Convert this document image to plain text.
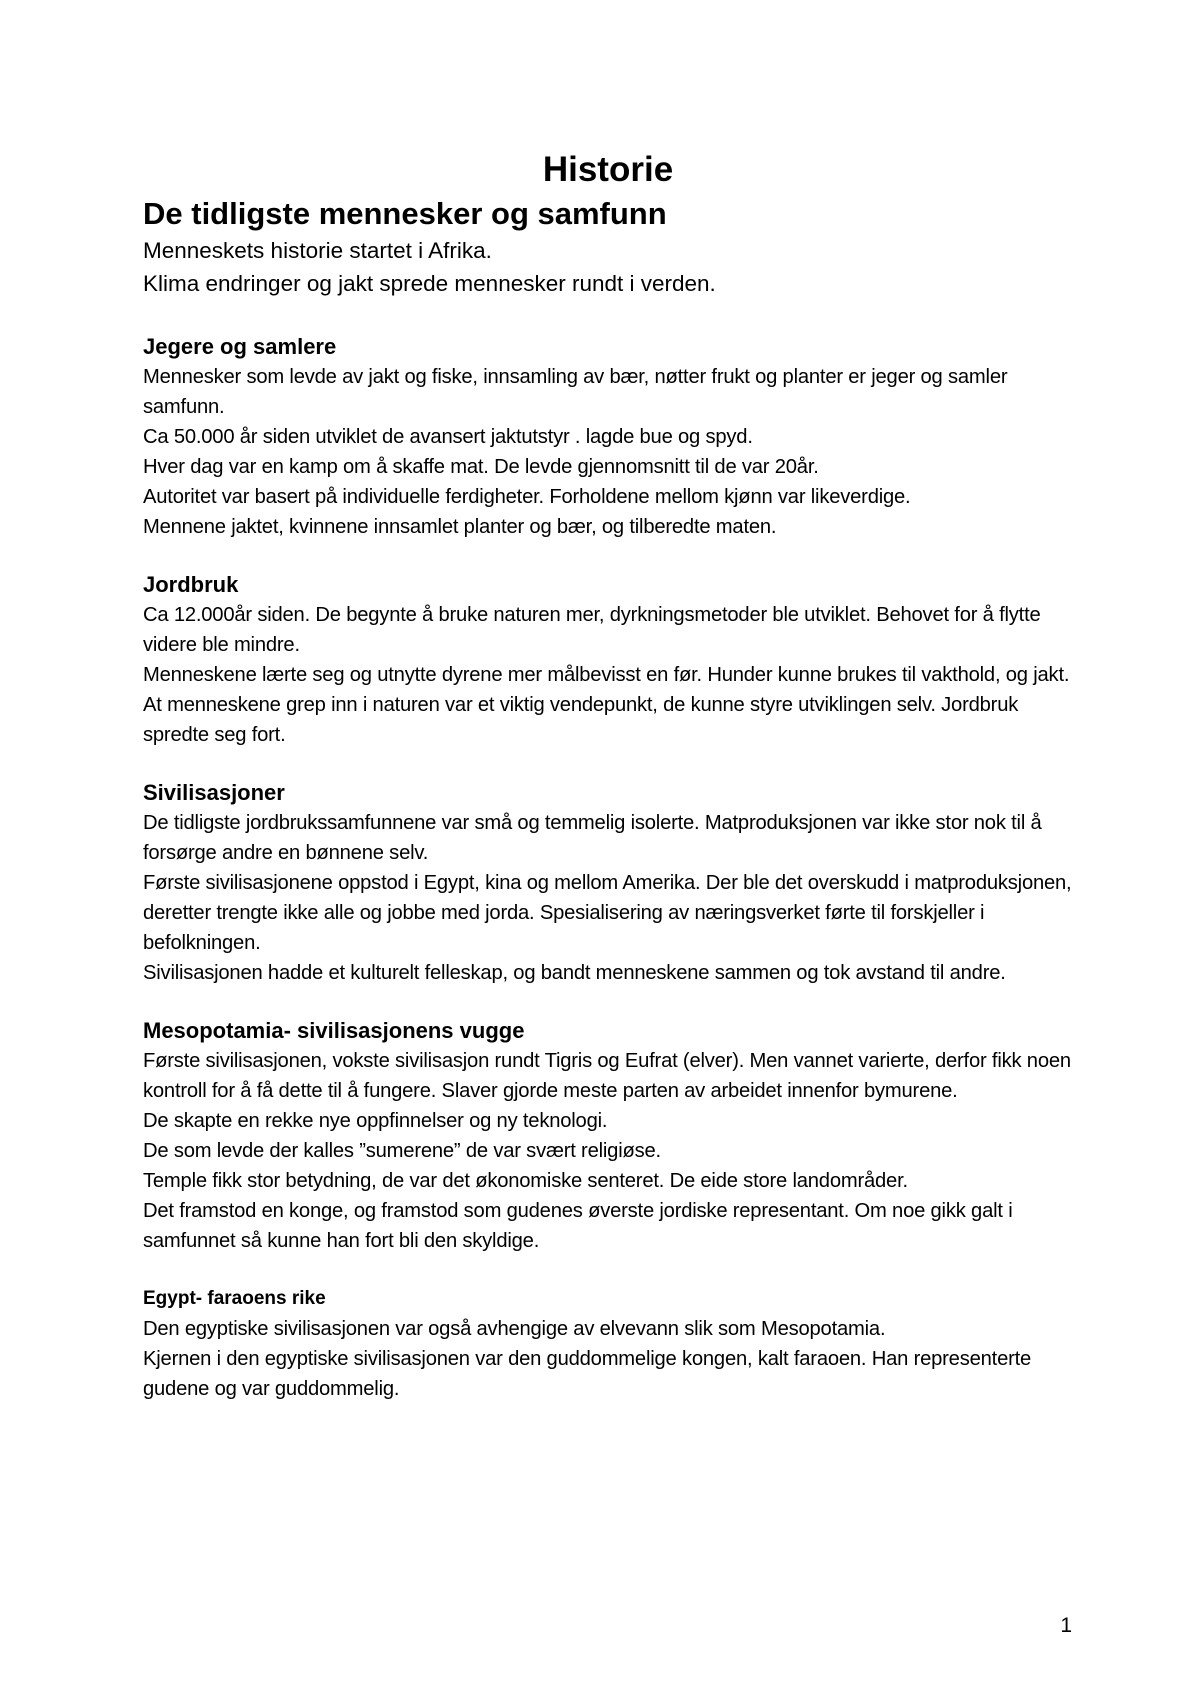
Historie
De tidligste mennesker og samfunn

Menneskets historie startet i Afrika.

Klima endringer og jakt sprede mennesker rundt i verden.

Jegere og samlere

Mennesker som levde av jakt og fiske, innsamling av bær, nøtter frukt og planter er jeger og samler samfunn.

Ca 50.000 år siden utviklet de avansert jaktutstyr . lagde bue og spyd.

Hver dag var en kamp om å skaffe mat. De levde gjennomsnitt til de var 20år.

Autoritet var basert på individuelle ferdigheter. Forholdene mellom kjønn var likeverdige.

Mennene jaktet, kvinnene innsamlet planter og bær, og tilberedte maten.

Jordbruk

Ca 12.000år siden. De begynte å bruke naturen mer, dyrkningsmetoder ble utviklet. Behovet for å flytte videre ble mindre.

Menneskene lærte seg og utnytte dyrene mer målbevisst en før. Hunder kunne brukes til vakthold, og jakt. At menneskene grep inn i naturen var et viktig vendepunkt, de kunne styre utviklingen selv. Jordbruk spredte seg fort.

Sivilisasjoner

De tidligste jordbrukssamfunnene var små og temmelig isolerte. Matproduksjonen var ikke stor nok til å forsørge andre en bønnene selv.

Første sivilisasjonene oppstod i Egypt, kina og mellom Amerika. Der ble det overskudd i matproduksjonen, deretter trengte ikke alle og jobbe med jorda. Spesialisering av næringsverket førte til forskjeller i befolkningen.

Sivilisasjonen hadde et kulturelt felleskap, og bandt menneskene sammen og tok avstand til andre.

Mesopotamia- sivilisasjonens vugge

Første sivilisasjonen, vokste sivilisasjon rundt Tigris og Eufrat (elver). Men vannet varierte, derfor fikk noen kontroll for å få dette til å fungere. Slaver gjorde meste parten av arbeidet innenfor bymurene.

De skapte en rekke nye oppfinnelser og ny teknologi.

De som levde der kalles ”sumerene” de var svært religiøse.

Temple fikk stor betydning, de var det økonomiske senteret. De eide store landområder.

Det framstod en konge, og framstod som gudenes øverste jordiske representant. Om noe gikk galt i samfunnet så kunne han fort bli den skyldige.

Egypt- faraoens rike

Den egyptiske sivilisasjonen var også avhengige av elvevann slik som Mesopotamia.

Kjernen i den egyptiske sivilisasjonen var den guddommelige kongen, kalt faraoen. Han representerte gudene og var guddommelig.

1
